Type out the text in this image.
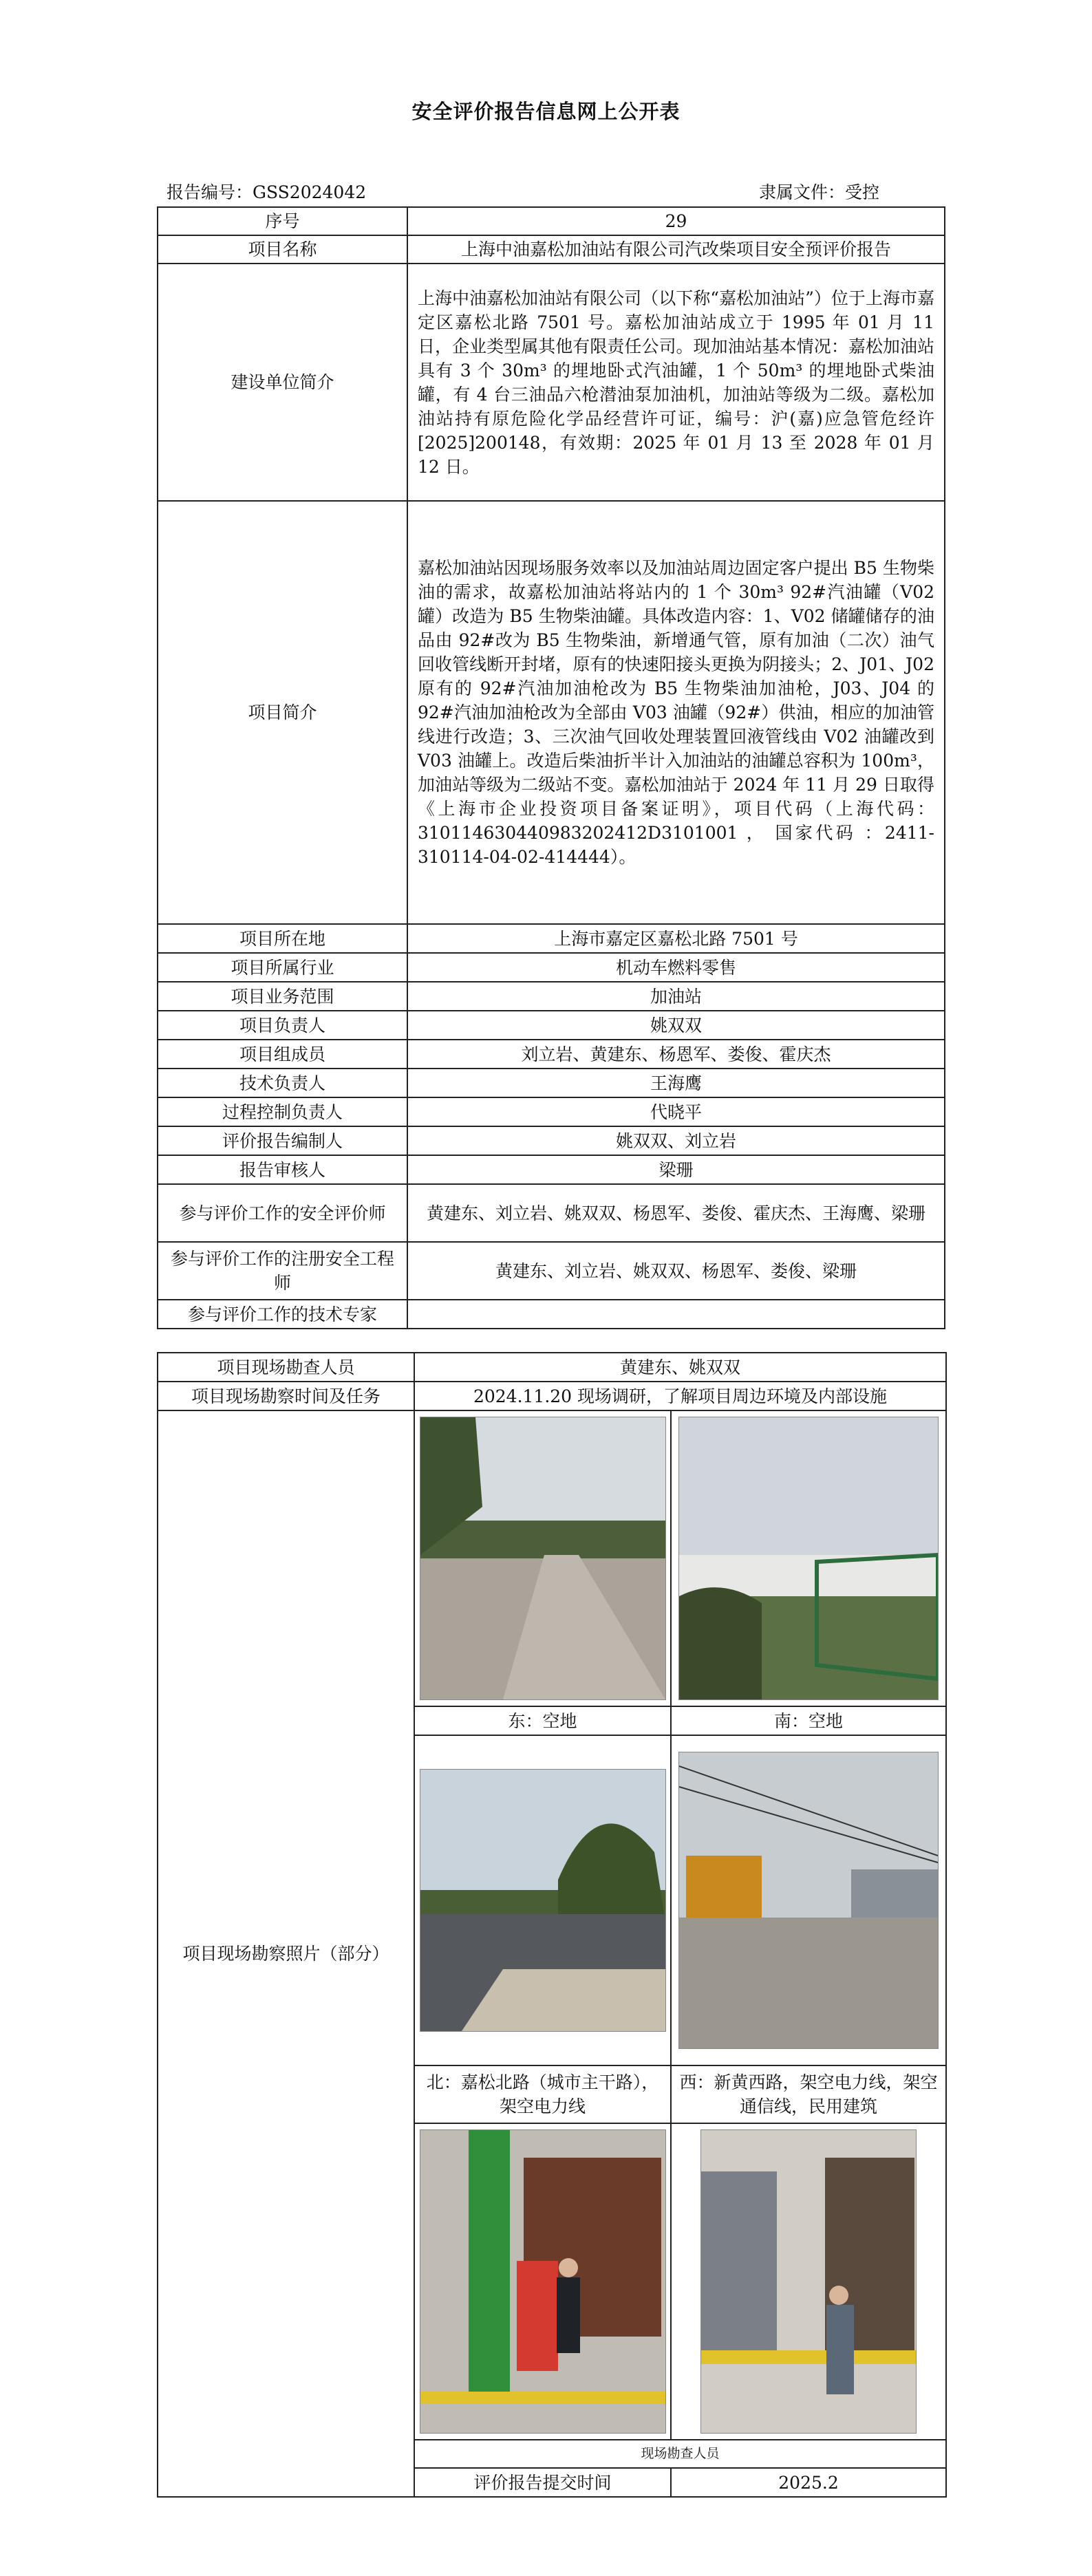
安全评价报告信息网上公开表
报告编号：GSS2024042	隶属文件：受控
序号	29
项目名称	上海中油嘉松加油站有限公司汽改柴项目安全预评价报告
建设单位简介	上海中油嘉松加油站有限公司（以下称“嘉松加油站”）位于上海市嘉定区嘉松北路 7501 号。嘉松加油站成立于 1995 年 01 月 11 日，企业类型属其他有限责任公司。现加油站基本情况：嘉松加油站具有 3 个 30m³ 的埋地卧式汽油罐，1 个 50m³ 的埋地卧式柴油罐，有 4 台三油品六枪潜油泵加油机，加油站等级为二级。嘉松加油站持有原危险化学品经营许可证，编号：沪(嘉)应急管危经许[2025]200148，有效期：2025 年 01 月 13 至 2028 年 01 月 12 日。
项目简介	嘉松加油站因现场服务效率以及加油站周边固定客户提出 B5 生物柴油的需求，故嘉松加油站将站内的 1 个 30m³ 92#汽油罐（V02 罐）改造为 B5 生物柴油罐。具体改造内容：1、V02 储罐储存的油品由 92#改为 B5 生物柴油，新增通气管，原有加油（二次）油气回收管线断开封堵，原有的快速阳接头更换为阴接头；2、J01、J02 原有的 92#汽油加油枪改为 B5 生物柴油加油枪，J03、J04 的 92#汽油加油枪改为全部由 V03 油罐（92#）供油，相应的加油管线进行改造；3、三次油气回收处理装置回液管线由 V02 油罐改到 V03 油罐上。改造后柴油折半计入加油站的油罐总容积为 100m³，加油站等级为二级站不变。嘉松加油站于 2024 年 11 月 29 日取得《上海市企业投资项目备案证明》，项目代码（上海代码：310114630440983202412D3101001 ， 国家代码 ：2411-310114-04-02-414444）。
项目所在地	上海市嘉定区嘉松北路 7501 号
项目所属行业	机动车燃料零售
项目业务范围	加油站
项目负责人	姚双双
项目组成员	刘立岩、黄建东、杨恩军、娄俊、霍庆杰
技术负责人	王海鹰
过程控制负责人	代晓平
评价报告编制人	姚双双、刘立岩
报告审核人	梁珊
参与评价工作的安全评价师	黄建东、刘立岩、姚双双、杨恩军、娄俊、霍庆杰、王海鹰、梁珊
参与评价工作的注册安全工程师	黄建东、刘立岩、姚双双、杨恩军、娄俊、梁珊
参与评价工作的技术专家	
项目现场勘查人员	黄建东、姚双双	
项目现场勘察时间及任务	2024.11.20 现场调研，了解项目周边环境及内部设施	
项目现场勘察照片（部分）	

	东：空地	南：空地

	北：嘉松北路（城市主干路），架空电力线	西：新黄西路，架空电力线，架空通信线，民用建筑

	现场勘查人员	
	评价报告提交时间	2025.2
